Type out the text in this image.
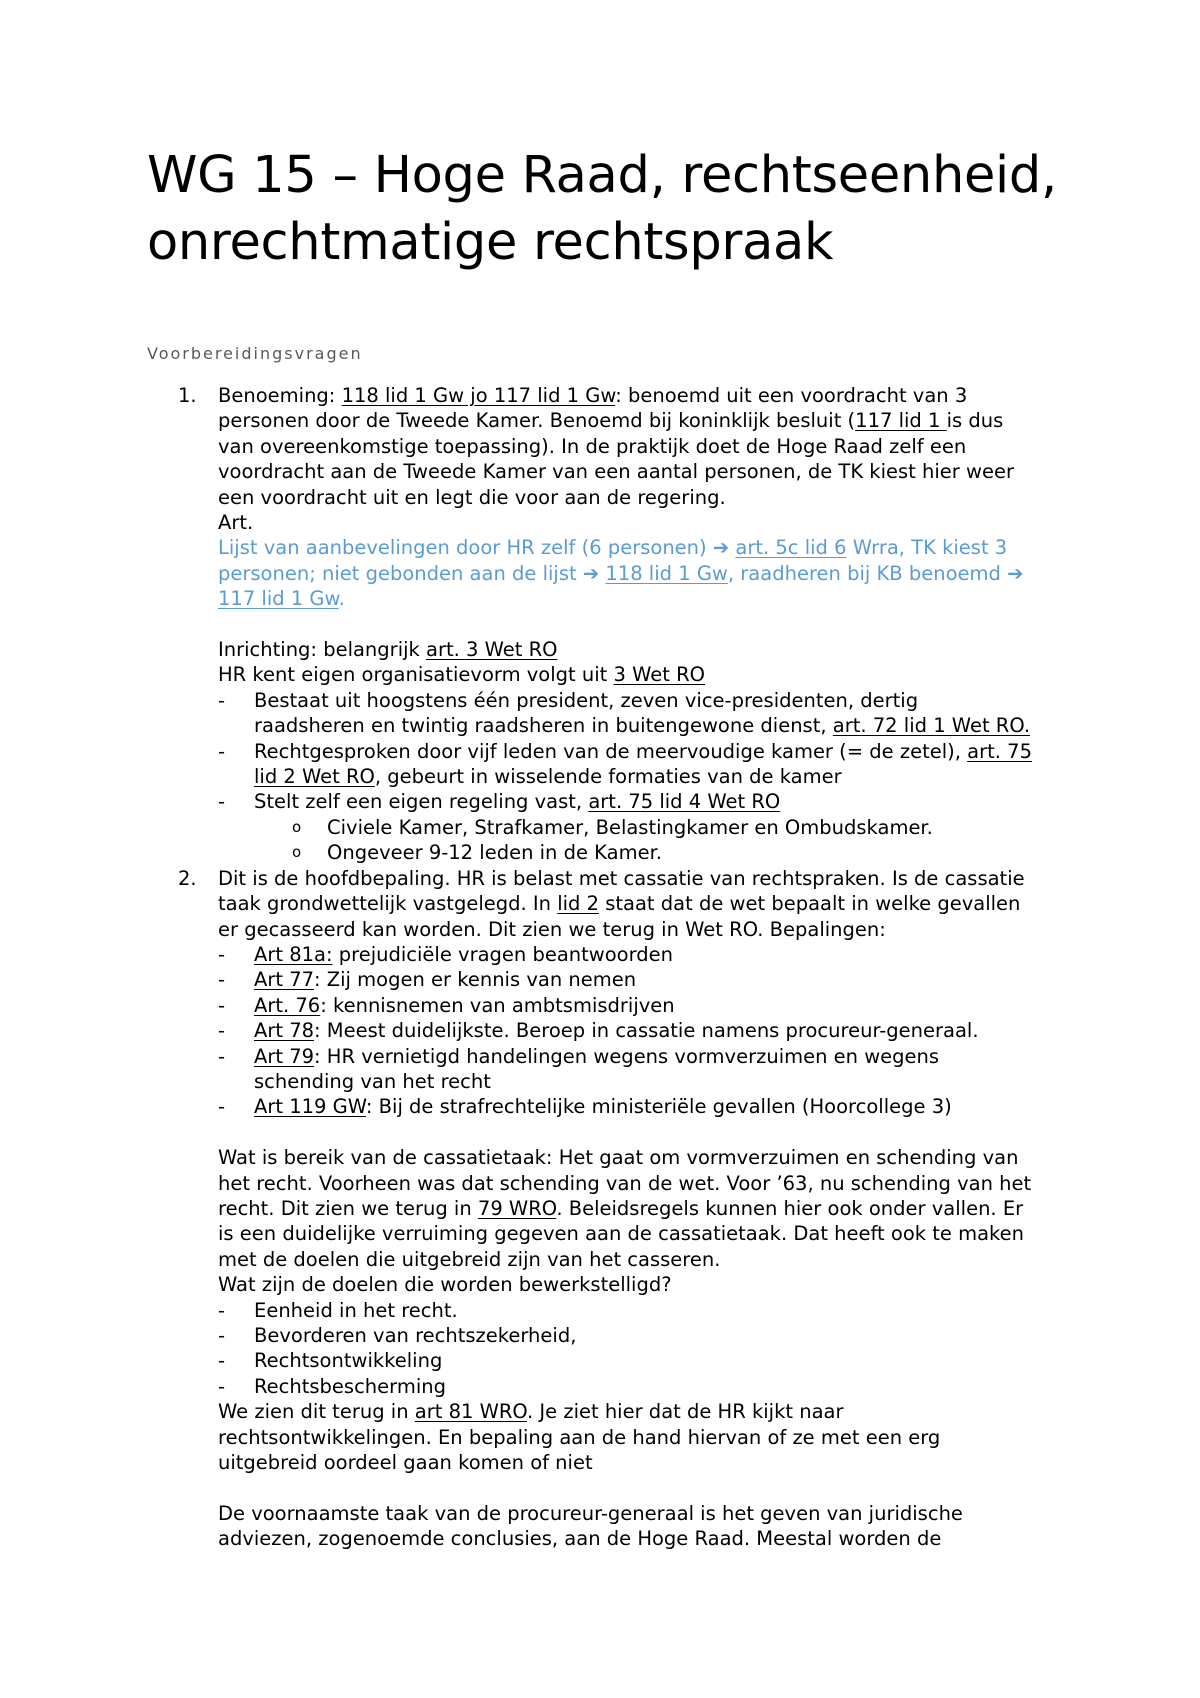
WG 15 – Hoge Raad, rechtseenheid, onrechtmatige rechtspraak
Voorbereidingsvragen
1. Benoeming: 118 lid 1 Gw jo 117 lid 1 Gw: benoemd uit een voordracht van 3
personen door de Tweede Kamer. Benoemd bij koninklijk besluit (117 lid 1 is dus
van overeenkomstige toepassing). In de praktijk doet de Hoge Raad zelf een
voordracht aan de Tweede Kamer van een aantal personen, de TK kiest hier weer
een voordracht uit en legt die voor aan de regering.
Art.
Lijst van aanbevelingen door HR zelf (6 personen) ➔ art. 5c lid 6 Wrra, TK kiest 3
personen; niet gebonden aan de lijst ➔ 118 lid 1 Gw, raadheren bij KB benoemd ➔
117 lid 1 Gw.
Inrichting: belangrijk art. 3 Wet RO
HR kent eigen organisatievorm volgt uit 3 Wet RO
- Bestaat uit hoogstens één president, zeven vice-presidenten, dertig
raadsheren en twintig raadsheren in buitengewone dienst, art. 72 lid 1 Wet RO.
- Rechtgesproken door vijf leden van de meervoudige kamer (= de zetel), art. 75
lid 2 Wet RO, gebeurt in wisselende formaties van de kamer
- Stelt zelf een eigen regeling vast, art. 75 lid 4 Wet RO
o Civiele Kamer, Strafkamer, Belastingkamer en Ombudskamer.
o Ongeveer 9-12 leden in de Kamer.
2. Dit is de hoofdbepaling. HR is belast met cassatie van rechtspraken. Is de cassatie
taak grondwettelijk vastgelegd. In lid 2 staat dat de wet bepaalt in welke gevallen
er gecasseerd kan worden. Dit zien we terug in Wet RO. Bepalingen:
- Art 81a: prejudiciële vragen beantwoorden
- Art 77: Zij mogen er kennis van nemen
- Art. 76: kennisnemen van ambtsmisdrijven
- Art 78: Meest duidelijkste. Beroep in cassatie namens procureur-generaal.
- Art 79: HR vernietigd handelingen wegens vormverzuimen en wegens
schending van het recht
- Art 119 GW: Bij de strafrechtelijke ministeriële gevallen (Hoorcollege 3)
Wat is bereik van de cassatietaak: Het gaat om vormverzuimen en schending van
het recht. Voorheen was dat schending van de wet. Voor ’63, nu schending van het
recht. Dit zien we terug in 79 WRO. Beleidsregels kunnen hier ook onder vallen. Er
is een duidelijke verruiming gegeven aan de cassatietaak. Dat heeft ook te maken
met de doelen die uitgebreid zijn van het casseren.
Wat zijn de doelen die worden bewerkstelligd?
- Eenheid in het recht.
- Bevorderen van rechtszekerheid,
- Rechtsontwikkeling
- Rechtsbescherming
We zien dit terug in art 81 WRO. Je ziet hier dat de HR kijkt naar
rechtsontwikkelingen. En bepaling aan de hand hiervan of ze met een erg
uitgebreid oordeel gaan komen of niet
De voornaamste taak van de procureur-generaal is het geven van juridische
adviezen, zogenoemde conclusies, aan de Hoge Raad. Meestal worden de
